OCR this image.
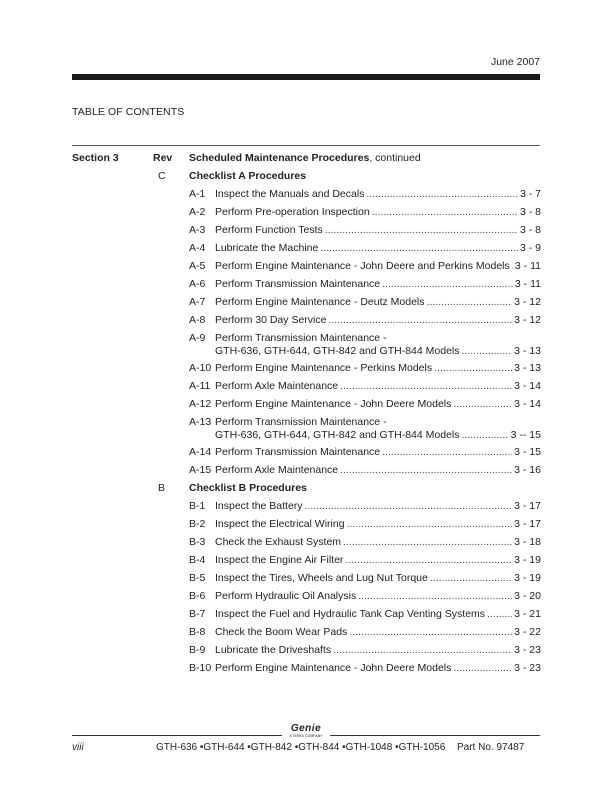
June 2007
TABLE OF CONTENTS
Section 3	Rev Scheduled Maintenance Procedures, continued
C Checklist A Procedures
A-1 Inspect the Manuals and Decals .....	3 - 7
A-2 Perform Pre-operation Inspection .....	3 - 8
A-3 Perform Function Tests .....	3 - 8
A-4 Lubricate the Machine .....	3 - 9
A-5 Perform Engine Maintenance - John Deere and Perkins Models ..... 3 - 11
A-6 Perform Transmission Maintenance .....	3 - 11
A-7 Perform Engine Maintenance - Deutz Models .....	3 - 12
A-8 Perform 30 Day Service .....	3 - 12
A-9 Perform Transmission Maintenance -
GTH-636, GTH-644, GTH-842 and GTH-844 Models .....	3 - 13
A-10 Perform Engine Maintenance - Perkins Models .....	3 - 13
A-11 Perform Axle Maintenance .....	3 - 14
A-12 Perform Engine Maintenance - John Deere Models .....	3 - 14
A-13 Perform Transmission Maintenance -
GTH-636, GTH-644, GTH-842 and GTH-844 Models .....	3 -- 15
A-14 Perform Transmission Maintenance .....	3 - 15
A-15 Perform Axle Maintenance .....	3 - 16
B Checklist B Procedures
B-1 Inspect the Battery .....	3 - 17
B-2 Inspect the Electrical Wiring .....	3 - 17
B-3 Check the Exhaust System .....	3 - 18
B-4 Inspect the Engine Air Filter .....	3 - 19
B-5 Inspect the Tires, Wheels and Lug Nut Torque .....	3 - 19
B-6 Perform Hydraulic Oil Analysis .....	3 - 20
B-7 Inspect the Fuel and Hydraulic Tank Cap Venting Systems .....	3 - 21
B-8 Check the Boom Wear Pads .....	3 - 22
B-9 Lubricate the Driveshafts .....	3 - 23
B-10 Perform Engine Maintenance - John Deere Models .....	3 - 23
Genie
A TEREX COMPANY
viii	GTH-636 •GTH-644 •GTH-842 •GTH-844 •GTH-1048 •GTH-1056 Part No. 97487
